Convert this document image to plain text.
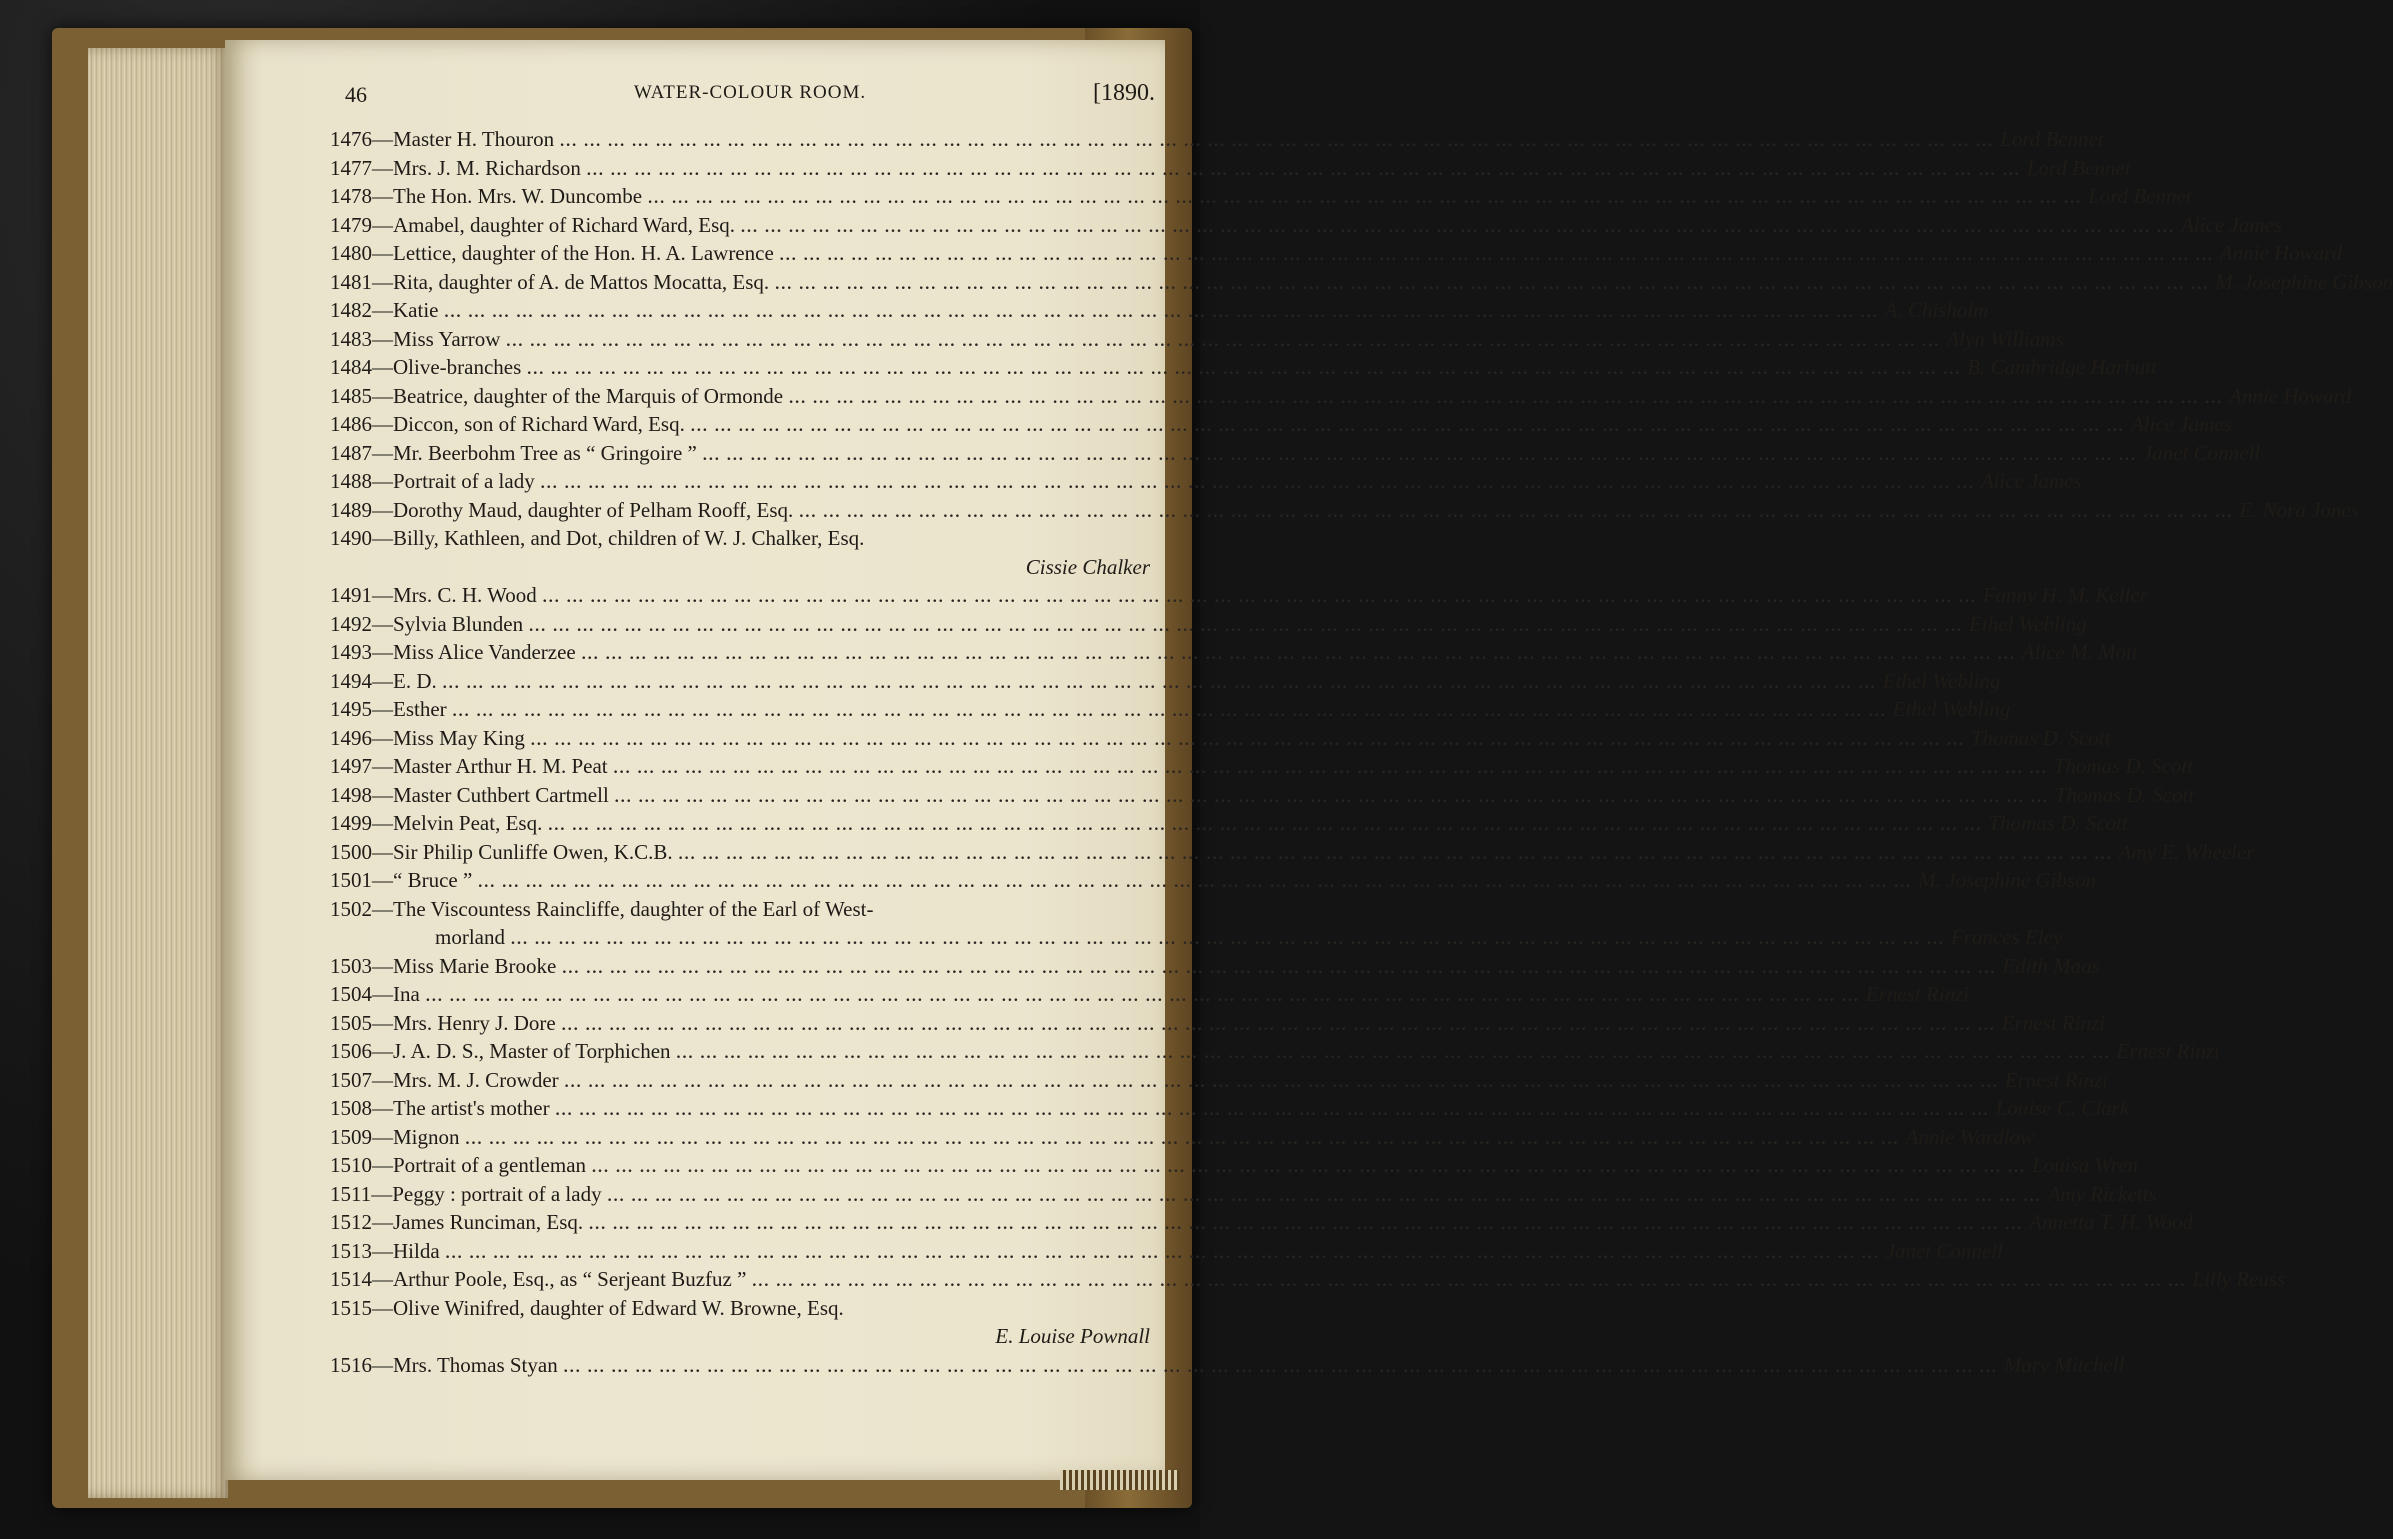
46	WATER-COLOUR ROOM.	[1890.
1476—Master H. Thouron ... ... ... ... ... ... ... ... ... ... ... ... ... ... ... ... ... ... ... ... ... ... ... ... ... ... ... ... ... ... ... ... ... ... ... ... ... ... ... ... ... ... ... ... ... ... ... ... ... ... ... ... ... ... ... ... ... ... ... ... Lord Bennet
1477—Mrs. J. M. Richardson ... ... ... ... ... ... ... ... ... ... ... ... ... ... ... ... ... ... ... ... ... ... ... ... ... ... ... ... ... ... ... ... ... ... ... ... ... ... ... ... ... ... ... ... ... ... ... ... ... ... ... ... ... ... ... ... ... ... ... ... Lord Bennet
1478—The Hon. Mrs. W. Duncombe ... ... ... ... ... ... ... ... ... ... ... ... ... ... ... ... ... ... ... ... ... ... ... ... ... ... ... ... ... ... ... ... ... ... ... ... ... ... ... ... ... ... ... ... ... ... ... ... ... ... ... ... ... ... ... ... ... ... ... ... Lord Bennet
1479—Amabel, daughter of Richard Ward, Esq. ... ... ... ... ... ... ... ... ... ... ... ... ... ... ... ... ... ... ... ... ... ... ... ... ... ... ... ... ... ... ... ... ... ... ... ... ... ... ... ... ... ... ... ... ... ... ... ... ... ... ... ... ... ... ... ... ... ... ... ... Alice James
1480—Lettice, daughter of the Hon. H. A. Lawrence ... ... ... ... ... ... ... ... ... ... ... ... ... ... ... ... ... ... ... ... ... ... ... ... ... ... ... ... ... ... ... ... ... ... ... ... ... ... ... ... ... ... ... ... ... ... ... ... ... ... ... ... ... ... ... ... ... ... ... ... Annie Howard
1481—Rita, daughter of A. de Mattos Mocatta, Esq. ... ... ... ... ... ... ... ... ... ... ... ... ... ... ... ... ... ... ... ... ... ... ... ... ... ... ... ... ... ... ... ... ... ... ... ... ... ... ... ... ... ... ... ... ... ... ... ... ... ... ... ... ... ... ... ... ... ... ... ... M. Josephine Gibson
1482—Katie ... ... ... ... ... ... ... ... ... ... ... ... ... ... ... ... ... ... ... ... ... ... ... ... ... ... ... ... ... ... ... ... ... ... ... ... ... ... ... ... ... ... ... ... ... ... ... ... ... ... ... ... ... ... ... ... ... ... ... ... A. Chisholm
1483—Miss Yarrow ... ... ... ... ... ... ... ... ... ... ... ... ... ... ... ... ... ... ... ... ... ... ... ... ... ... ... ... ... ... ... ... ... ... ... ... ... ... ... ... ... ... ... ... ... ... ... ... ... ... ... ... ... ... ... ... ... ... ... ... Alyn Williams
1484—Olive-branches ... ... ... ... ... ... ... ... ... ... ... ... ... ... ... ... ... ... ... ... ... ... ... ... ... ... ... ... ... ... ... ... ... ... ... ... ... ... ... ... ... ... ... ... ... ... ... ... ... ... ... ... ... ... ... ... ... ... ... ... B. Cambridge Harbutt
1485—Beatrice, daughter of the Marquis of Ormonde ... ... ... ... ... ... ... ... ... ... ... ... ... ... ... ... ... ... ... ... ... ... ... ... ... ... ... ... ... ... ... ... ... ... ... ... ... ... ... ... ... ... ... ... ... ... ... ... ... ... ... ... ... ... ... ... ... ... ... ... Annie Howard
1486—Diccon, son of Richard Ward, Esq. ... ... ... ... ... ... ... ... ... ... ... ... ... ... ... ... ... ... ... ... ... ... ... ... ... ... ... ... ... ... ... ... ... ... ... ... ... ... ... ... ... ... ... ... ... ... ... ... ... ... ... ... ... ... ... ... ... ... ... ... Alice James
1487—Mr. Beerbohm Tree as “ Gringoire ” ... ... ... ... ... ... ... ... ... ... ... ... ... ... ... ... ... ... ... ... ... ... ... ... ... ... ... ... ... ... ... ... ... ... ... ... ... ... ... ... ... ... ... ... ... ... ... ... ... ... ... ... ... ... ... ... ... ... ... ... Janet Connell
1488—Portrait of a lady ... ... ... ... ... ... ... ... ... ... ... ... ... ... ... ... ... ... ... ... ... ... ... ... ... ... ... ... ... ... ... ... ... ... ... ... ... ... ... ... ... ... ... ... ... ... ... ... ... ... ... ... ... ... ... ... ... ... ... ... Alice James
1489—Dorothy Maud, daughter of Pelham Rooff, Esq. ... ... ... ... ... ... ... ... ... ... ... ... ... ... ... ... ... ... ... ... ... ... ... ... ... ... ... ... ... ... ... ... ... ... ... ... ... ... ... ... ... ... ... ... ... ... ... ... ... ... ... ... ... ... ... ... ... ... ... ... E. Nora Jones
1490—Billy, Kathleen, and Dot, children of W. J. Chalker, Esq.
Cissie Chalker
1491—Mrs. C. H. Wood ... ... ... ... ... ... ... ... ... ... ... ... ... ... ... ... ... ... ... ... ... ... ... ... ... ... ... ... ... ... ... ... ... ... ... ... ... ... ... ... ... ... ... ... ... ... ... ... ... ... ... ... ... ... ... ... ... ... ... ... Fanny H. M. Keller
1492—Sylvia Blunden ... ... ... ... ... ... ... ... ... ... ... ... ... ... ... ... ... ... ... ... ... ... ... ... ... ... ... ... ... ... ... ... ... ... ... ... ... ... ... ... ... ... ... ... ... ... ... ... ... ... ... ... ... ... ... ... ... ... ... ... Ethel Webling
1493—Miss Alice Vanderzee ... ... ... ... ... ... ... ... ... ... ... ... ... ... ... ... ... ... ... ... ... ... ... ... ... ... ... ... ... ... ... ... ... ... ... ... ... ... ... ... ... ... ... ... ... ... ... ... ... ... ... ... ... ... ... ... ... ... ... ... Alice M. Mott
1494—E. D. ... ... ... ... ... ... ... ... ... ... ... ... ... ... ... ... ... ... ... ... ... ... ... ... ... ... ... ... ... ... ... ... ... ... ... ... ... ... ... ... ... ... ... ... ... ... ... ... ... ... ... ... ... ... ... ... ... ... ... ... Ethel Webling
1495—Esther ... ... ... ... ... ... ... ... ... ... ... ... ... ... ... ... ... ... ... ... ... ... ... ... ... ... ... ... ... ... ... ... ... ... ... ... ... ... ... ... ... ... ... ... ... ... ... ... ... ... ... ... ... ... ... ... ... ... ... ... Ethel Webling
1496—Miss May King ... ... ... ... ... ... ... ... ... ... ... ... ... ... ... ... ... ... ... ... ... ... ... ... ... ... ... ... ... ... ... ... ... ... ... ... ... ... ... ... ... ... ... ... ... ... ... ... ... ... ... ... ... ... ... ... ... ... ... ... Thomas D. Scott
1497—Master Arthur H. M. Peat ... ... ... ... ... ... ... ... ... ... ... ... ... ... ... ... ... ... ... ... ... ... ... ... ... ... ... ... ... ... ... ... ... ... ... ... ... ... ... ... ... ... ... ... ... ... ... ... ... ... ... ... ... ... ... ... ... ... ... ... Thomas D. Scott
1498—Master Cuthbert Cartmell ... ... ... ... ... ... ... ... ... ... ... ... ... ... ... ... ... ... ... ... ... ... ... ... ... ... ... ... ... ... ... ... ... ... ... ... ... ... ... ... ... ... ... ... ... ... ... ... ... ... ... ... ... ... ... ... ... ... ... ... Thomas D. Scott
1499—Melvin Peat, Esq. ... ... ... ... ... ... ... ... ... ... ... ... ... ... ... ... ... ... ... ... ... ... ... ... ... ... ... ... ... ... ... ... ... ... ... ... ... ... ... ... ... ... ... ... ... ... ... ... ... ... ... ... ... ... ... ... ... ... ... ... Thomas D. Scott
1500—Sir Philip Cunliffe Owen, K.C.B. ... ... ... ... ... ... ... ... ... ... ... ... ... ... ... ... ... ... ... ... ... ... ... ... ... ... ... ... ... ... ... ... ... ... ... ... ... ... ... ... ... ... ... ... ... ... ... ... ... ... ... ... ... ... ... ... ... ... ... ... Amy E. Wheeler
1501—“ Bruce ” ... ... ... ... ... ... ... ... ... ... ... ... ... ... ... ... ... ... ... ... ... ... ... ... ... ... ... ... ... ... ... ... ... ... ... ... ... ... ... ... ... ... ... ... ... ... ... ... ... ... ... ... ... ... ... ... ... ... ... ... M. Josephine Gibson
1502—The Viscountess Raincliffe, daughter of the Earl of West-
morland ... ... ... ... ... ... ... ... ... ... ... ... ... ... ... ... ... ... ... ... ... ... ... ... ... ... ... ... ... ... ... ... ... ... ... ... ... ... ... ... ... ... ... ... ... ... ... ... ... ... ... ... ... ... ... ... ... ... ... ... Frances Eley
1503—Miss Marie Brooke ... ... ... ... ... ... ... ... ... ... ... ... ... ... ... ... ... ... ... ... ... ... ... ... ... ... ... ... ... ... ... ... ... ... ... ... ... ... ... ... ... ... ... ... ... ... ... ... ... ... ... ... ... ... ... ... ... ... ... ... Edith Maas
1504—Ina ... ... ... ... ... ... ... ... ... ... ... ... ... ... ... ... ... ... ... ... ... ... ... ... ... ... ... ... ... ... ... ... ... ... ... ... ... ... ... ... ... ... ... ... ... ... ... ... ... ... ... ... ... ... ... ... ... ... ... ... Ernest Rinzi
1505—Mrs. Henry J. Dore ... ... ... ... ... ... ... ... ... ... ... ... ... ... ... ... ... ... ... ... ... ... ... ... ... ... ... ... ... ... ... ... ... ... ... ... ... ... ... ... ... ... ... ... ... ... ... ... ... ... ... ... ... ... ... ... ... ... ... ... Ernest Rinzi
1506—J. A. D. S., Master of Torphichen ... ... ... ... ... ... ... ... ... ... ... ... ... ... ... ... ... ... ... ... ... ... ... ... ... ... ... ... ... ... ... ... ... ... ... ... ... ... ... ... ... ... ... ... ... ... ... ... ... ... ... ... ... ... ... ... ... ... ... ... Ernest Rinzi
1507—Mrs. M. J. Crowder ... ... ... ... ... ... ... ... ... ... ... ... ... ... ... ... ... ... ... ... ... ... ... ... ... ... ... ... ... ... ... ... ... ... ... ... ... ... ... ... ... ... ... ... ... ... ... ... ... ... ... ... ... ... ... ... ... ... ... ... Ernest Rinzi
1508—The artist's mother ... ... ... ... ... ... ... ... ... ... ... ... ... ... ... ... ... ... ... ... ... ... ... ... ... ... ... ... ... ... ... ... ... ... ... ... ... ... ... ... ... ... ... ... ... ... ... ... ... ... ... ... ... ... ... ... ... ... ... ... Louise C. Clark
1509—Mignon ... ... ... ... ... ... ... ... ... ... ... ... ... ... ... ... ... ... ... ... ... ... ... ... ... ... ... ... ... ... ... ... ... ... ... ... ... ... ... ... ... ... ... ... ... ... ... ... ... ... ... ... ... ... ... ... ... ... ... ... Annie Wardlow
1510—Portrait of a gentleman ... ... ... ... ... ... ... ... ... ... ... ... ... ... ... ... ... ... ... ... ... ... ... ... ... ... ... ... ... ... ... ... ... ... ... ... ... ... ... ... ... ... ... ... ... ... ... ... ... ... ... ... ... ... ... ... ... ... ... ... Louisa Wren
1511—Peggy : portrait of a lady ... ... ... ... ... ... ... ... ... ... ... ... ... ... ... ... ... ... ... ... ... ... ... ... ... ... ... ... ... ... ... ... ... ... ... ... ... ... ... ... ... ... ... ... ... ... ... ... ... ... ... ... ... ... ... ... ... ... ... ... Amy Ricketts
1512—James Runciman, Esq. ... ... ... ... ... ... ... ... ... ... ... ... ... ... ... ... ... ... ... ... ... ... ... ... ... ... ... ... ... ... ... ... ... ... ... ... ... ... ... ... ... ... ... ... ... ... ... ... ... ... ... ... ... ... ... ... ... ... ... ... Annetta T. H. Wood
1513—Hilda ... ... ... ... ... ... ... ... ... ... ... ... ... ... ... ... ... ... ... ... ... ... ... ... ... ... ... ... ... ... ... ... ... ... ... ... ... ... ... ... ... ... ... ... ... ... ... ... ... ... ... ... ... ... ... ... ... ... ... ... Janet Connell
1514—Arthur Poole, Esq., as “ Serjeant Buzfuz ” ... ... ... ... ... ... ... ... ... ... ... ... ... ... ... ... ... ... ... ... ... ... ... ... ... ... ... ... ... ... ... ... ... ... ... ... ... ... ... ... ... ... ... ... ... ... ... ... ... ... ... ... ... ... ... ... ... ... ... ... Lilly Reuss
1515—Olive Winifred, daughter of Edward W. Browne, Esq.
E. Louise Pownall
1516—Mrs. Thomas Styan ... ... ... ... ... ... ... ... ... ... ... ... ... ... ... ... ... ... ... ... ... ... ... ... ... ... ... ... ... ... ... ... ... ... ... ... ... ... ... ... ... ... ... ... ... ... ... ... ... ... ... ... ... ... ... ... ... ... ... ... Mary Mitchell
